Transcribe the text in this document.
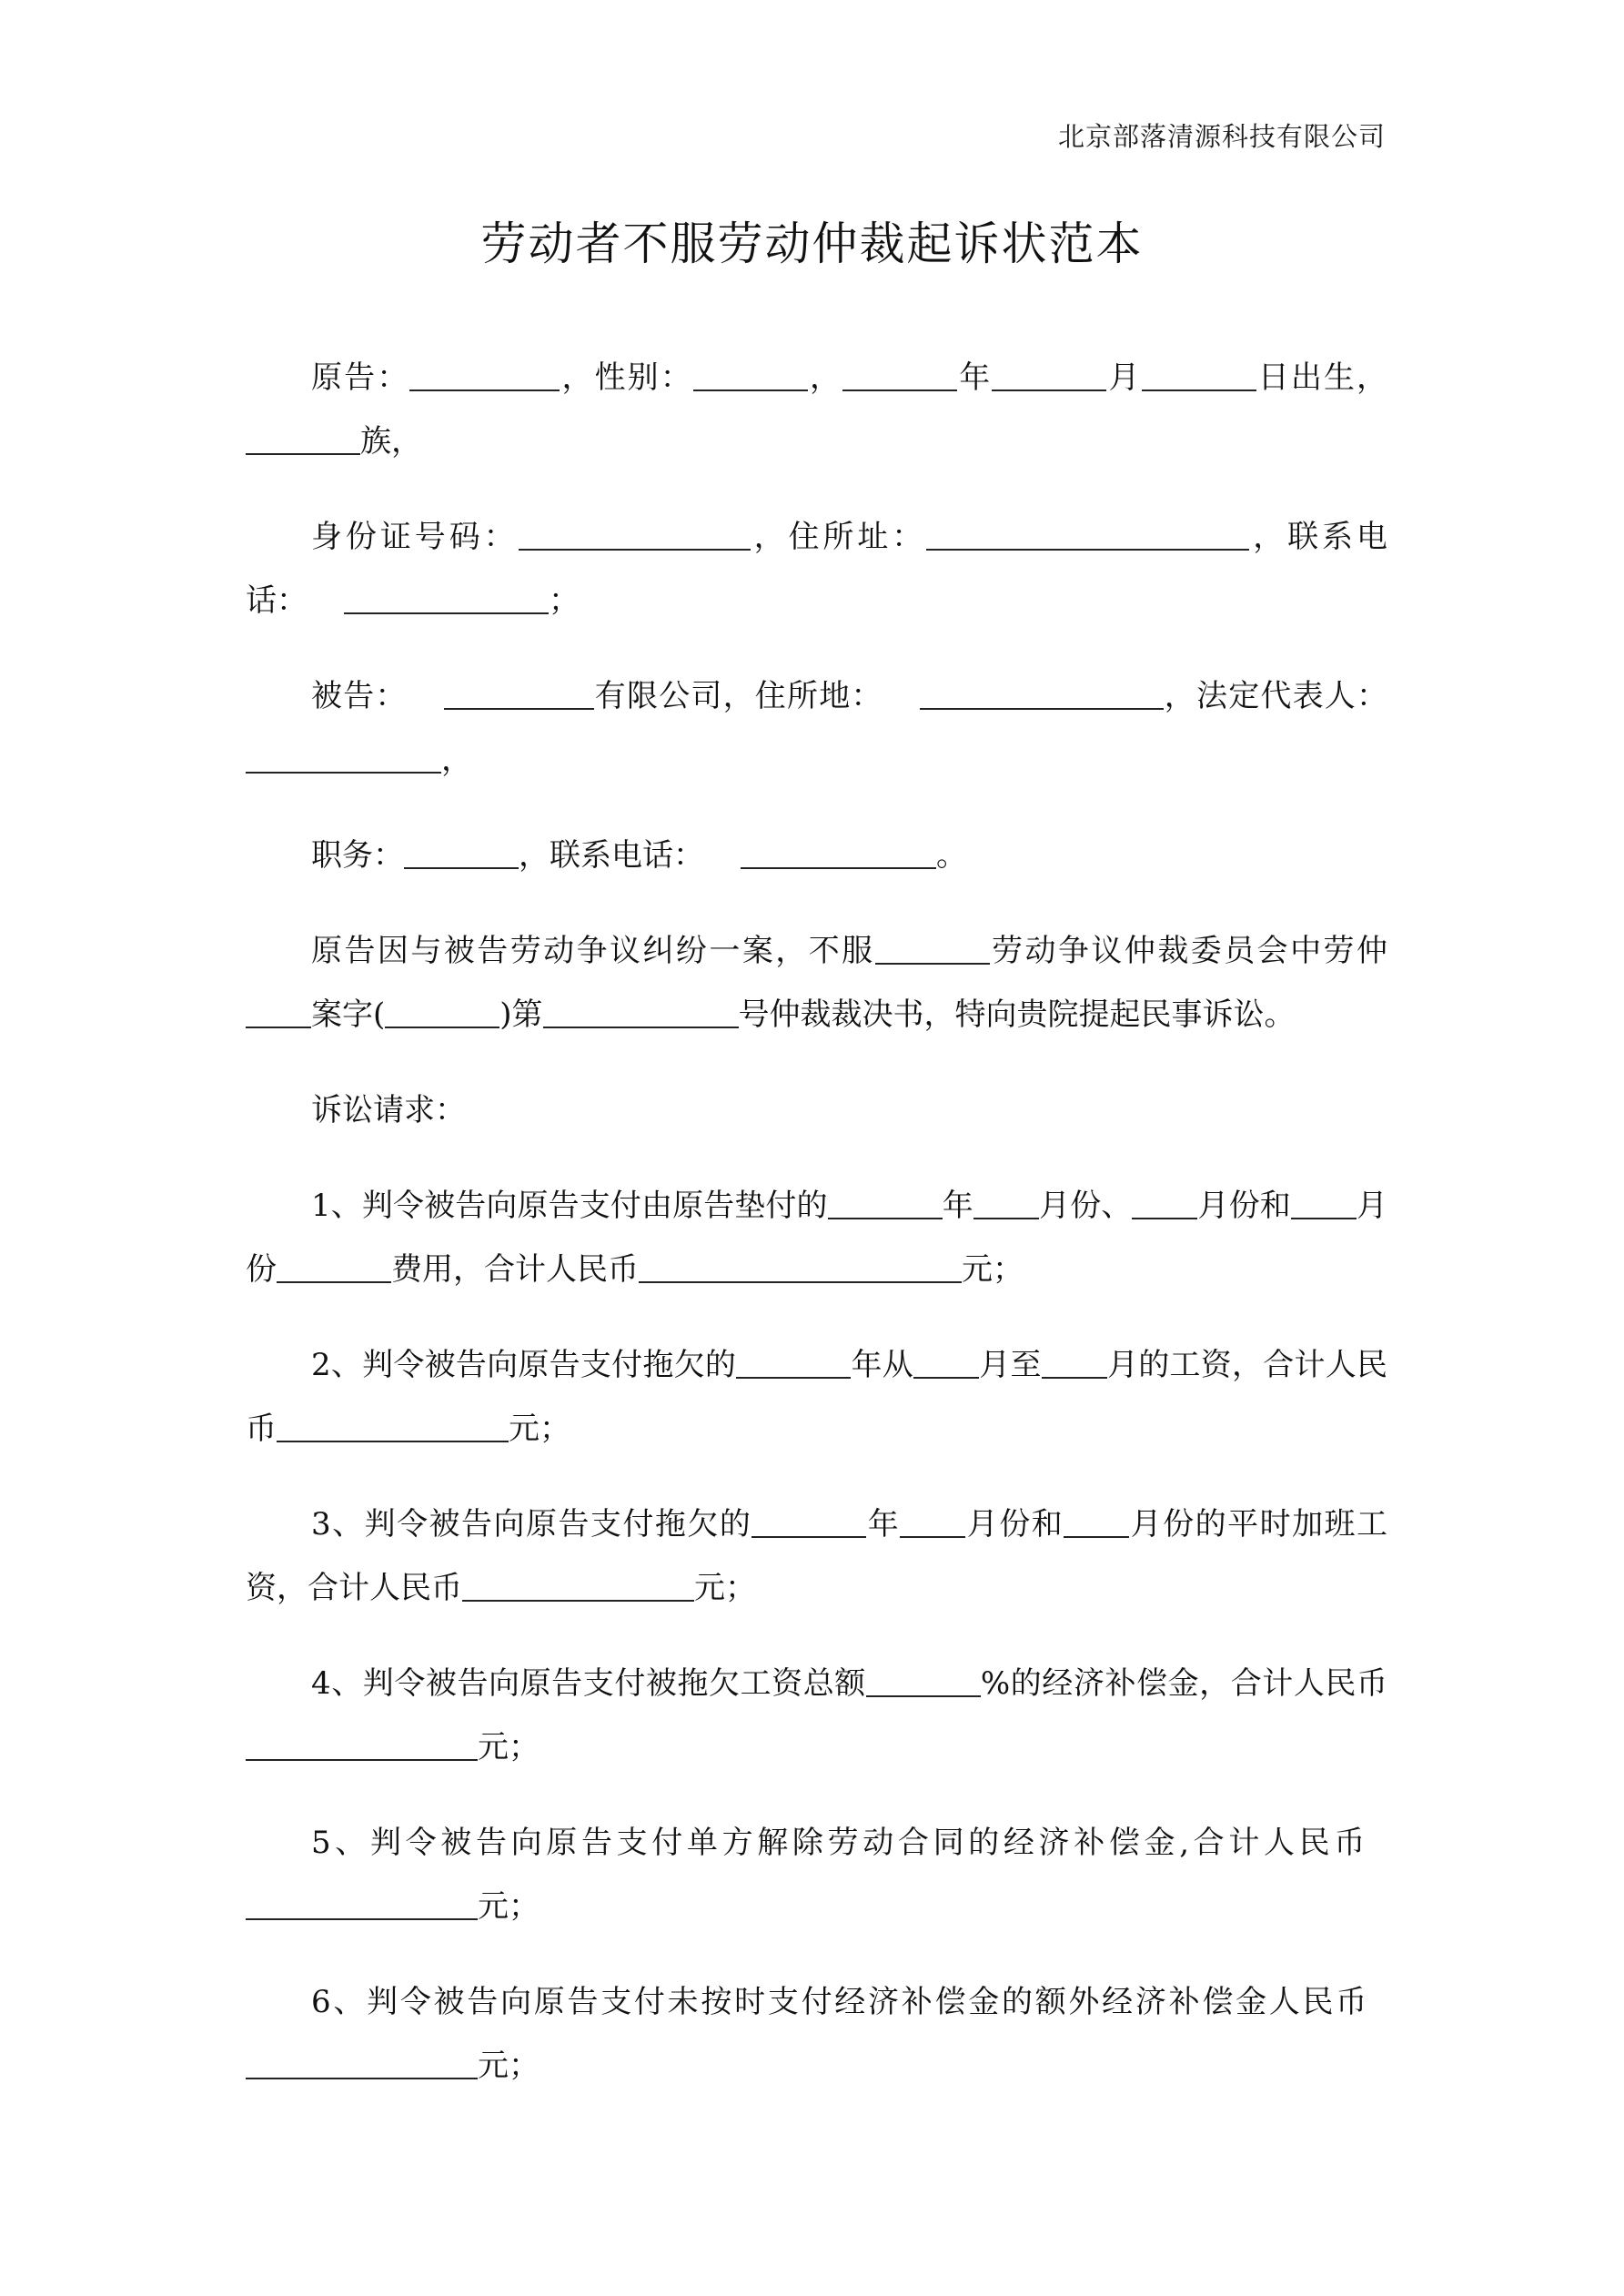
北京部落清源科技有限公司
劳动者不服劳动仲裁起诉状范本

原告：	，性别：	，	年	月	日出生，族，

身份证号码：	，住所址：	，联系电话：	；

被告：	有限公司，住所地：	，法定代表人：，

职务：	，联系电话：	。

原告因与被告劳动争议纠纷一案，不服	劳动争议仲裁委员会中劳仲案字(	)第	号仲裁裁决书，特向贵院提起民事诉讼。

诉讼请求：

1、判令被告向原告支付由原告垫付的	年 月份、 月份和 月份	费用，合计人民币	元；

2、判令被告向原告支付拖欠的	年从 月至 月的工资，合计人民币	元；

3、判令被告向原告支付拖欠的	年 月份和 月份的平时加班工资，合计人民币	元；

4、判令被告向原告支付被拖欠工资总额	%的经济补偿金，合计人民币元；

5、判令被告向原告支付单方解除劳动合同的经济补偿金,合计人民币元；

6、判令被告向原告支付未按时支付经济补偿金的额外经济补偿金人民币元；
